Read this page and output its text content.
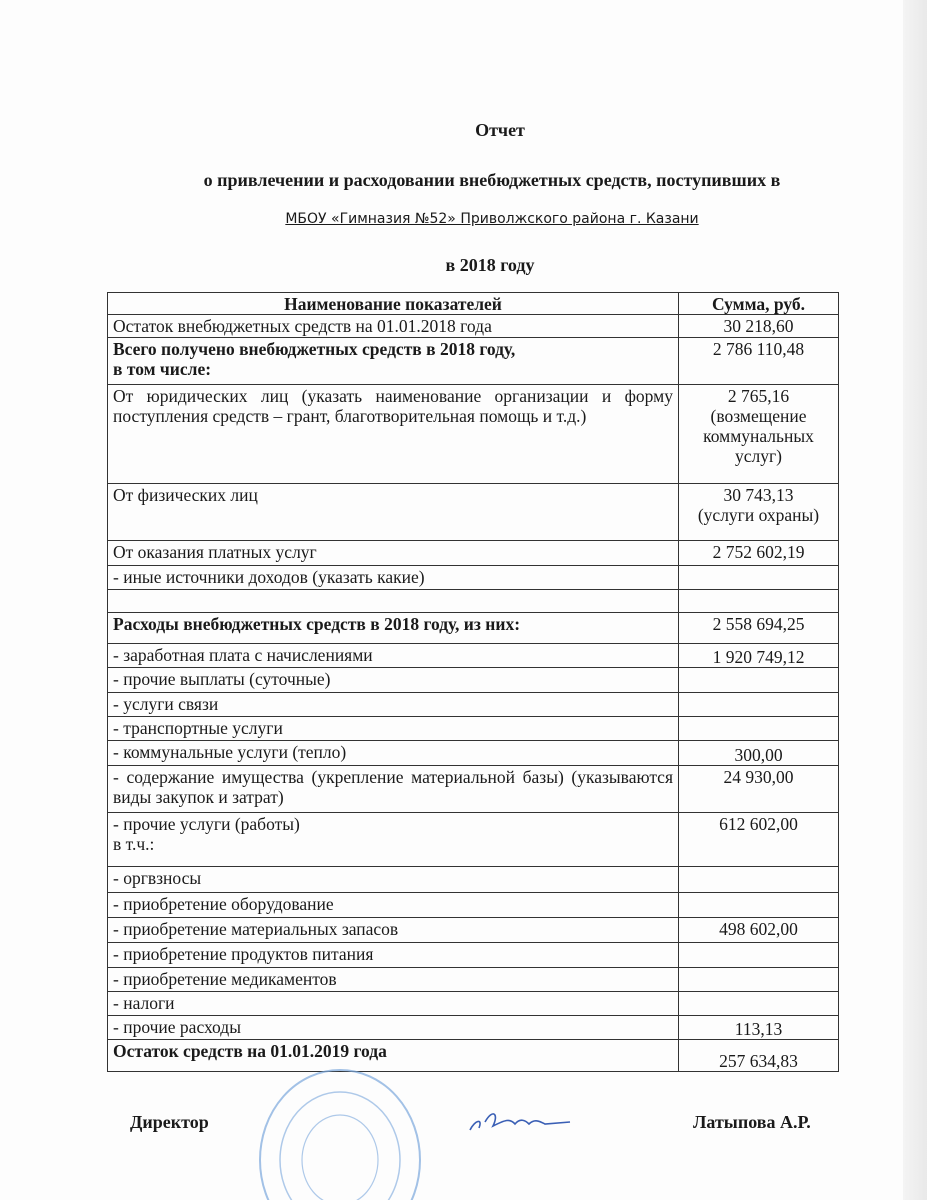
Отчет
о привлечении и расходовании внебюджетных средств, поступивших в
МБОУ «Гимназия №52» Приволжского района г. Казани
в 2018 году
Наименование показателей	Сумма, руб.
Остаток внебюджетных средств на 01.01.2018 года	30 218,60
Всего получено внебюджетных средств в 2018 году,
в том числе:	2 786 110,48
От юридических лиц (указать наименование организации и форму поступления средств – грант, благотворительная помощь и т.д.)	2 765,16
(возмещение коммунальных услуг)
От физических лиц	30 743,13
(услуги охраны)
От оказания платных услуг	2 752 602,19
- иные источники доходов (указать какие)	

Расходы внебюджетных средств в 2018 году, из них:	2 558 694,25
- заработная плата с начислениями	1 920 749,12
- прочие выплаты (суточные)	
- услуги связи	
- транспортные услуги	
- коммунальные услуги (тепло)	300,00
- содержание имущества (укрепление материальной базы) (указываются виды закупок и затрат)	24 930,00
- прочие услуги (работы)
в т.ч.:	612 602,00
- оргвзносы	
- приобретение оборудование	
- приобретение материальных запасов	498 602,00
- приобретение продуктов питания	
- приобретение медикаментов	
- налоги	
- прочие расходы	113,13
Остаток средств на 01.01.2019 года	257 634,83
Директор	Латыпова А.Р.
